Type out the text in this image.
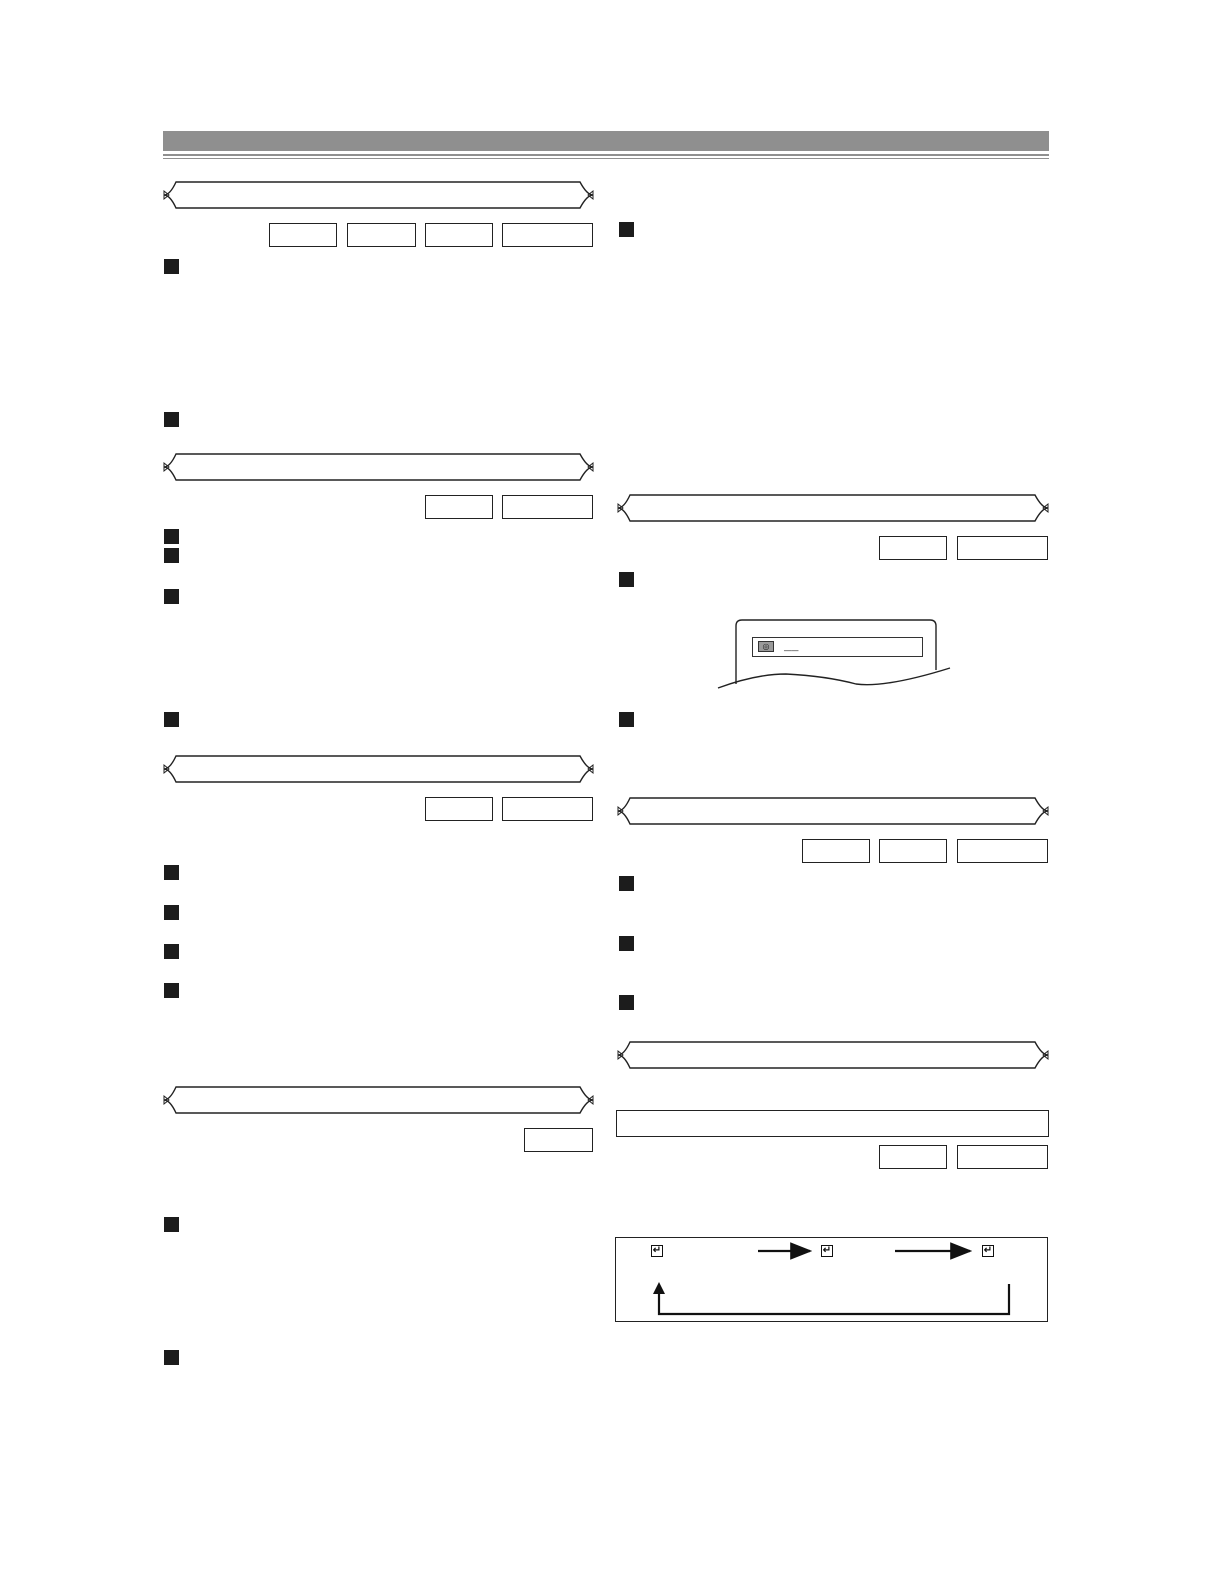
◎	__
↵	↵	↵
